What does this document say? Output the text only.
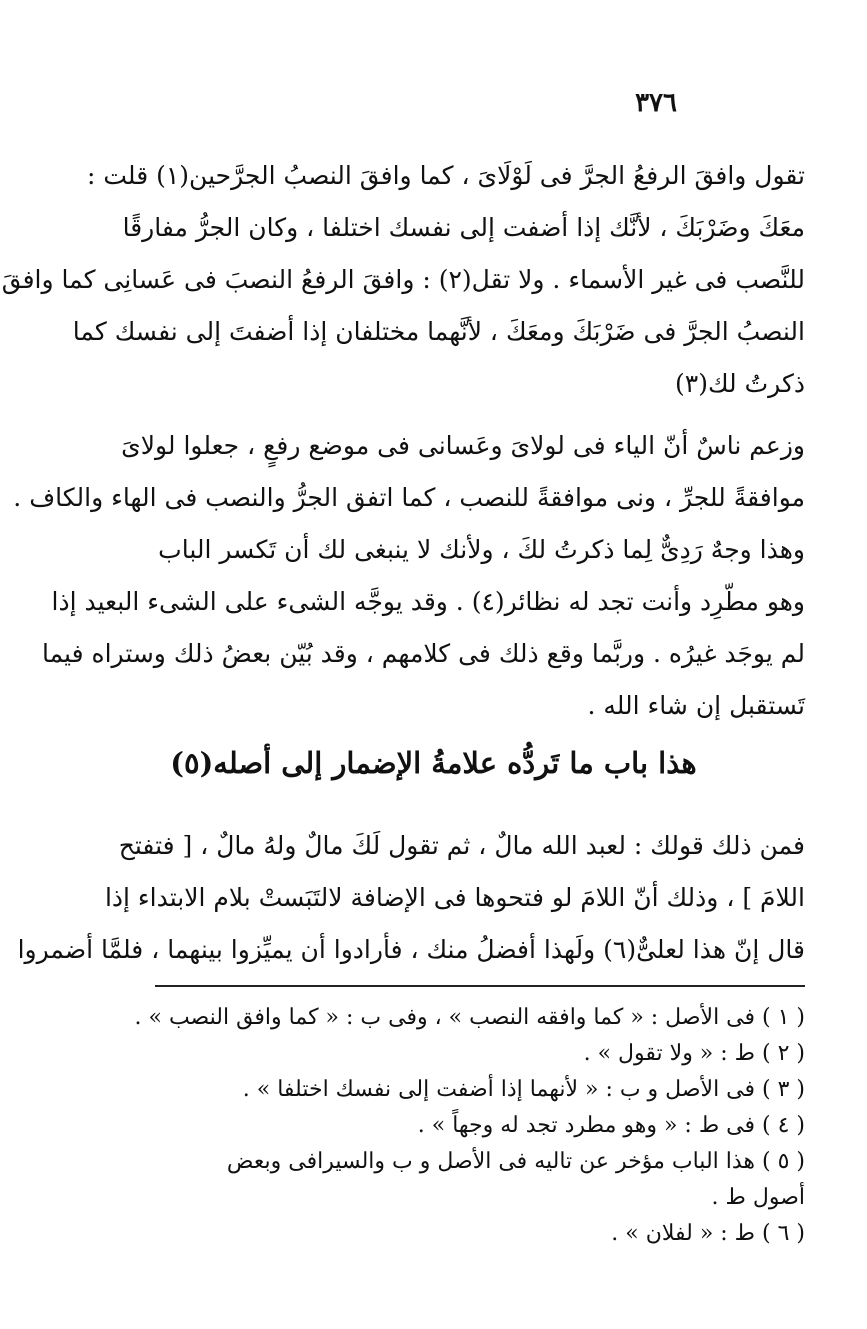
٣٧٦
تقول وافقَ الرفعُ الجرَّ فى لَوْلَاىَ ، كما وافقَ النصبُ الجرَّحين(١) قلت :
معَكَ وضَرْبَكَ ، لأنَّك إذا أضفت إلى نفسك اختلفا ، وكان الجرُّ مفارقًا
للنَّصب فى غير الأسماء . ولا تقل(٢) : وافقَ الرفعُ النصبَ فى عَسانِى كما وافقَ
النصبُ الجرَّ فى ضَرْبَكَ ومعَكَ ، لأنَّهما مختلفان إذا أضفتَ إلى نفسك كما
ذكرتُ لك(٣)
وزعم ناسٌ أنّ الياء فى لولاىَ وعَسانى فى موضع رفعٍ ، جعلوا لولاىَ
موافقةً للجرِّ ، ونى موافقةً للنصب ، كما اتفق الجرُّ والنصب فى الهاء والكاف .
وهذا وجهٌ رَدِىٌّ لِما ذكرتُ لكَ ، ولأنك لا ينبغى لك أن تَكسر الباب
وهو مطّرِد وأنت تجد له نظائر(٤) . وقد يوجَّه الشىء على الشىء البعيد إذا
لم يوجَد غيرُه . وربَّما وقع ذلك فى كلامهم ، وقد بُيّن بعضُ ذلك وستراه فيما
تَستقبل إن شاء الله .
هذا باب ما تَردُّه علامةُ الإضمار إلى أصله(٥)
فمن ذلك قولك : لعبد الله مالٌ ، ثم تقول لَكَ مالٌ ولهُ مالٌ ، [ فتفتح
اللامَ ] ، وذلك أنّ اللامَ لو فتحوها فى الإضافة لالتَبَستْ بلام الابتداء إذا
قال إنّ هذا لعلىٌّ(٦) ولَهذا أفضلُ منك ، فأرادوا أن يميِّزوا بينهما ، فلمَّا أضمروا
( ١ ) فى الأصل : « كما وافقه النصب » ، وفى ب : « كما وافق النصب » .
( ٢ ) ط : « ولا تقول » .
( ٣ ) فى الأصل و ب : « لأنهما إذا أضفت إلى نفسك اختلفا » .
( ٤ ) فى ط : « وهو مطرد تجد له وجهاً » .
( ٥ ) هذا الباب مؤخر عن تاليه فى الأصل و ب والسيرافى وبعض
أصول ط .
( ٦ ) ط : « لفلان » .
